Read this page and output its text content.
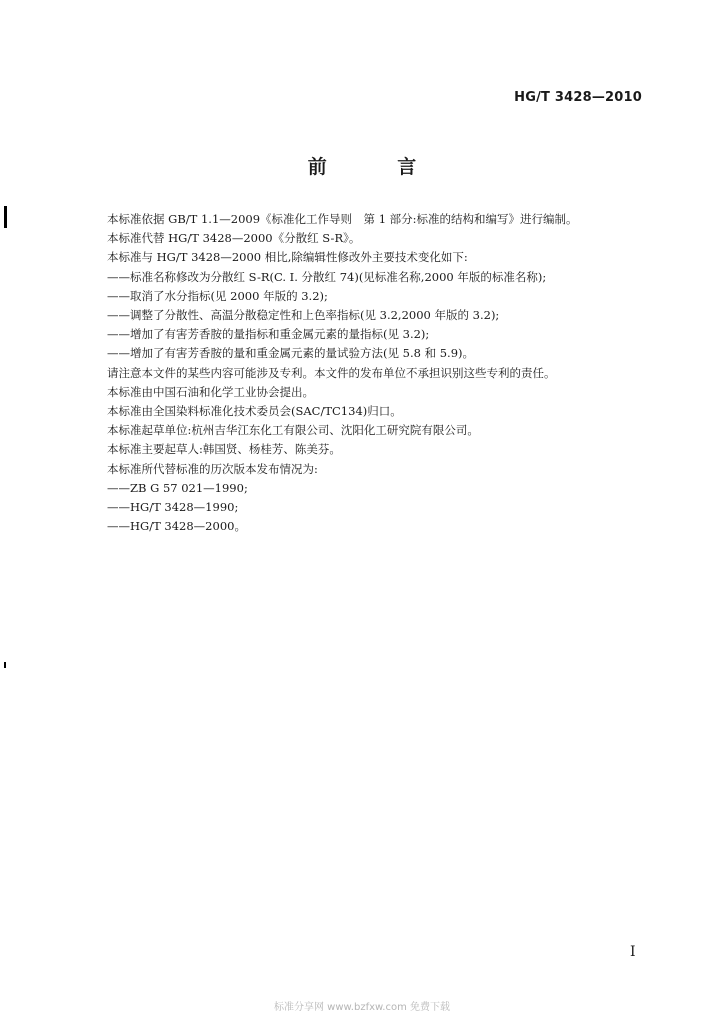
HG/T 3428—2010
前 言
本标准依据 GB/T 1.1—2009《标准化工作导则　第 1 部分:标准的结构和编写》进行编制。
本标准代替 HG/T 3428—2000《分散红 S-R》。
本标准与 HG/T 3428—2000 相比,除编辑性修改外主要技术变化如下:
——标准名称修改为分散红 S-R(C. I. 分散红 74)(见标准名称,2000 年版的标准名称);
——取消了水分指标(见 2000 年版的 3.2);
——调整了分散性、高温分散稳定性和上色率指标(见 3.2,2000 年版的 3.2);
——增加了有害芳香胺的量指标和重金属元素的量指标(见 3.2);
——增加了有害芳香胺的量和重金属元素的量试验方法(见 5.8 和 5.9)。
请注意本文件的某些内容可能涉及专利。本文件的发布单位不承担识别这些专利的责任。
本标准由中国石油和化学工业协会提出。
本标准由全国染料标准化技术委员会(SAC/TC134)归口。
本标准起草单位:杭州吉华江东化工有限公司、沈阳化工研究院有限公司。
本标准主要起草人:韩国贤、杨桂芳、陈美芬。
本标准所代替标准的历次版本发布情况为:
——ZB G 57 021—1990;
——HG/T 3428—1990;
——HG/T 3428—2000。
I
标准分享网 www.bzfxw.com 免费下载
